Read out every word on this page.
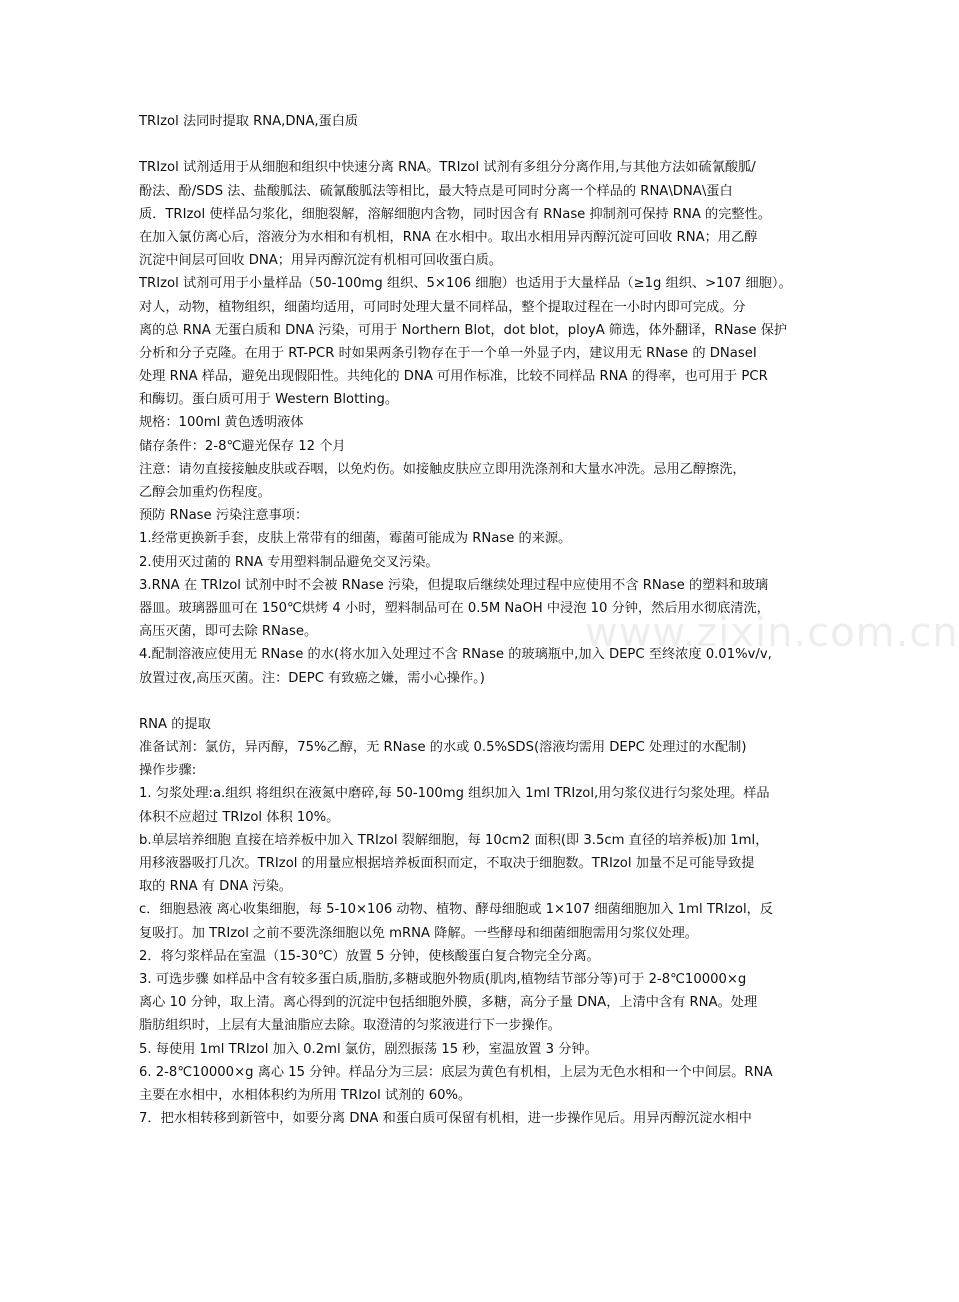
www.zixin.com.cn
TRIzol 法同时提取 RNA,DNA,蛋白质
TRIzol 试剂适用于从细胞和组织中快速分离 RNA。TRIzol 试剂有多组分分离作用,与其他方法如硫氰酸胍/
酚法、酚/SDS 法、盐酸胍法、硫氰酸胍法等相比，最大特点是可同时分离一个样品的 RNA\DNA\蛋白
质．TRIzol 使样品匀浆化，细胞裂解，溶解细胞内含物，同时因含有 RNase 抑制剂可保持 RNA 的完整性。
在加入氯仿离心后，溶液分为水相和有机相，RNA 在水相中。取出水相用异丙醇沉淀可回收 RNA；用乙醇
沉淀中间层可回收 DNA；用异丙醇沉淀有机相可回收蛋白质。
TRIzol 试剂可用于小量样品（50-100mg 组织、5×106 细胞）也适用于大量样品（≥1g 组织、>107 细胞）。
对人，动物，植物组织，细菌均适用，可同时处理大量不同样品，整个提取过程在一小时内即可完成。分
离的总 RNA 无蛋白质和 DNA 污染，可用于 Northern Blot，dot blot，ployA 筛选，体外翻译，RNase 保护
分析和分子克隆。在用于 RT-PCR 时如果两条引物存在于一个单一外显子内，建议用无 RNase 的 DNaseⅠ
处理 RNA 样品，避免出现假阳性。共纯化的 DNA 可用作标准，比较不同样品 RNA 的得率，也可用于 PCR
和酶切。蛋白质可用于 Western Blotting。
规格：100ml 黄色透明液体
储存条件：2-8℃避光保存 12 个月
注意：请勿直接接触皮肤或吞咽，以免灼伤。如接触皮肤应立即用洗涤剂和大量水冲洗。忌用乙醇擦洗，
乙醇会加重灼伤程度。
预防 RNase 污染注意事项：
1.经常更换新手套，皮肤上常带有的细菌，霉菌可能成为 RNase 的来源。
2.使用灭过菌的 RNA 专用塑料制品避免交叉污染。
3.RNA 在 TRIzol 试剂中时不会被 RNase 污染，但提取后继续处理过程中应使用不含 RNase 的塑料和玻璃
器皿。玻璃器皿可在 150℃烘烤 4 小时，塑料制品可在 0.5M NaOH 中浸泡 10 分钟，然后用水彻底清洗，
高压灭菌，即可去除 RNase。
4.配制溶液应使用无 RNase 的水(将水加入处理过不含 RNase 的玻璃瓶中,加入 DEPC 至终浓度 0.01%v/v,
放置过夜,高压灭菌。注：DEPC 有致癌之嫌，需小心操作。)
RNA 的提取
准备试剂：氯仿，异丙醇，75%乙醇，无 RNase 的水或 0.5%SDS(溶液均需用 DEPC 处理过的水配制)
操作步骤:
1. 匀浆处理:a.组织 将组织在液氮中磨碎,每 50-100mg 组织加入 1ml TRIzol,用匀浆仪进行匀浆处理。样品
体积不应超过 TRIzol 体积 10%。
b.单层培养细胞 直接在培养板中加入 TRIzol 裂解细胞，每 10cm2 面积(即 3.5cm 直径的培养板)加 1ml，
用移液器吸打几次。TRIzol 的用量应根据培养板面积而定，不取决于细胞数。TRIzol 加量不足可能导致提
取的 RNA 有 DNA 污染。
c．细胞悬液 离心收集细胞，每 5-10×106 动物、植物、酵母细胞或 1×107 细菌细胞加入 1ml TRIzol，反
复吸打。加 TRIzol 之前不要洗涤细胞以免 mRNA 降解。一些酵母和细菌细胞需用匀浆仪处理。
2．将匀浆样品在室温（15-30℃）放置 5 分钟，使核酸蛋白复合物完全分离。
3. 可选步骤 如样品中含有较多蛋白质,脂肪,多糖或胞外物质(肌肉,植物结节部分等)可于 2-8℃10000×g
离心 10 分钟，取上清。离心得到的沉淀中包括细胞外膜，多糖，高分子量 DNA，上清中含有 RNA。处理
脂肪组织时，上层有大量油脂应去除。取澄清的匀浆液进行下一步操作。
5. 每使用 1ml TRIzol 加入 0.2ml 氯仿，剧烈振荡 15 秒，室温放置 3 分钟。
6. 2-8℃10000×g 离心 15 分钟。样品分为三层：底层为黄色有机相，上层为无色水相和一个中间层。RNA
主要在水相中，水相体积约为所用 TRIzol 试剂的 60%。
7．把水相转移到新管中，如要分离 DNA 和蛋白质可保留有机相，进一步操作见后。用异丙醇沉淀水相中
